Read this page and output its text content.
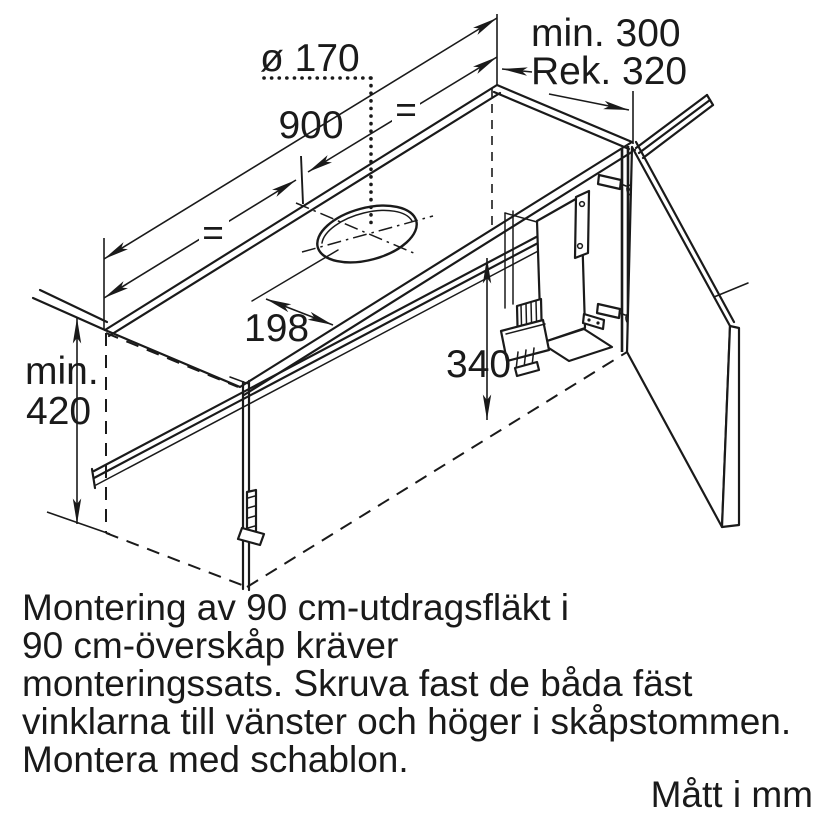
ø 170
900
=
=
min. 300
Rek. 320
198
340
min.
420
Montering av 90 cm-utdragsfläkt i
90 cm-överskåp kräver
monteringssats. Skruva fast de båda fäst
vinklarna till vänster och höger i skåpstommen.
Montera med schablon.
Mått i mm
